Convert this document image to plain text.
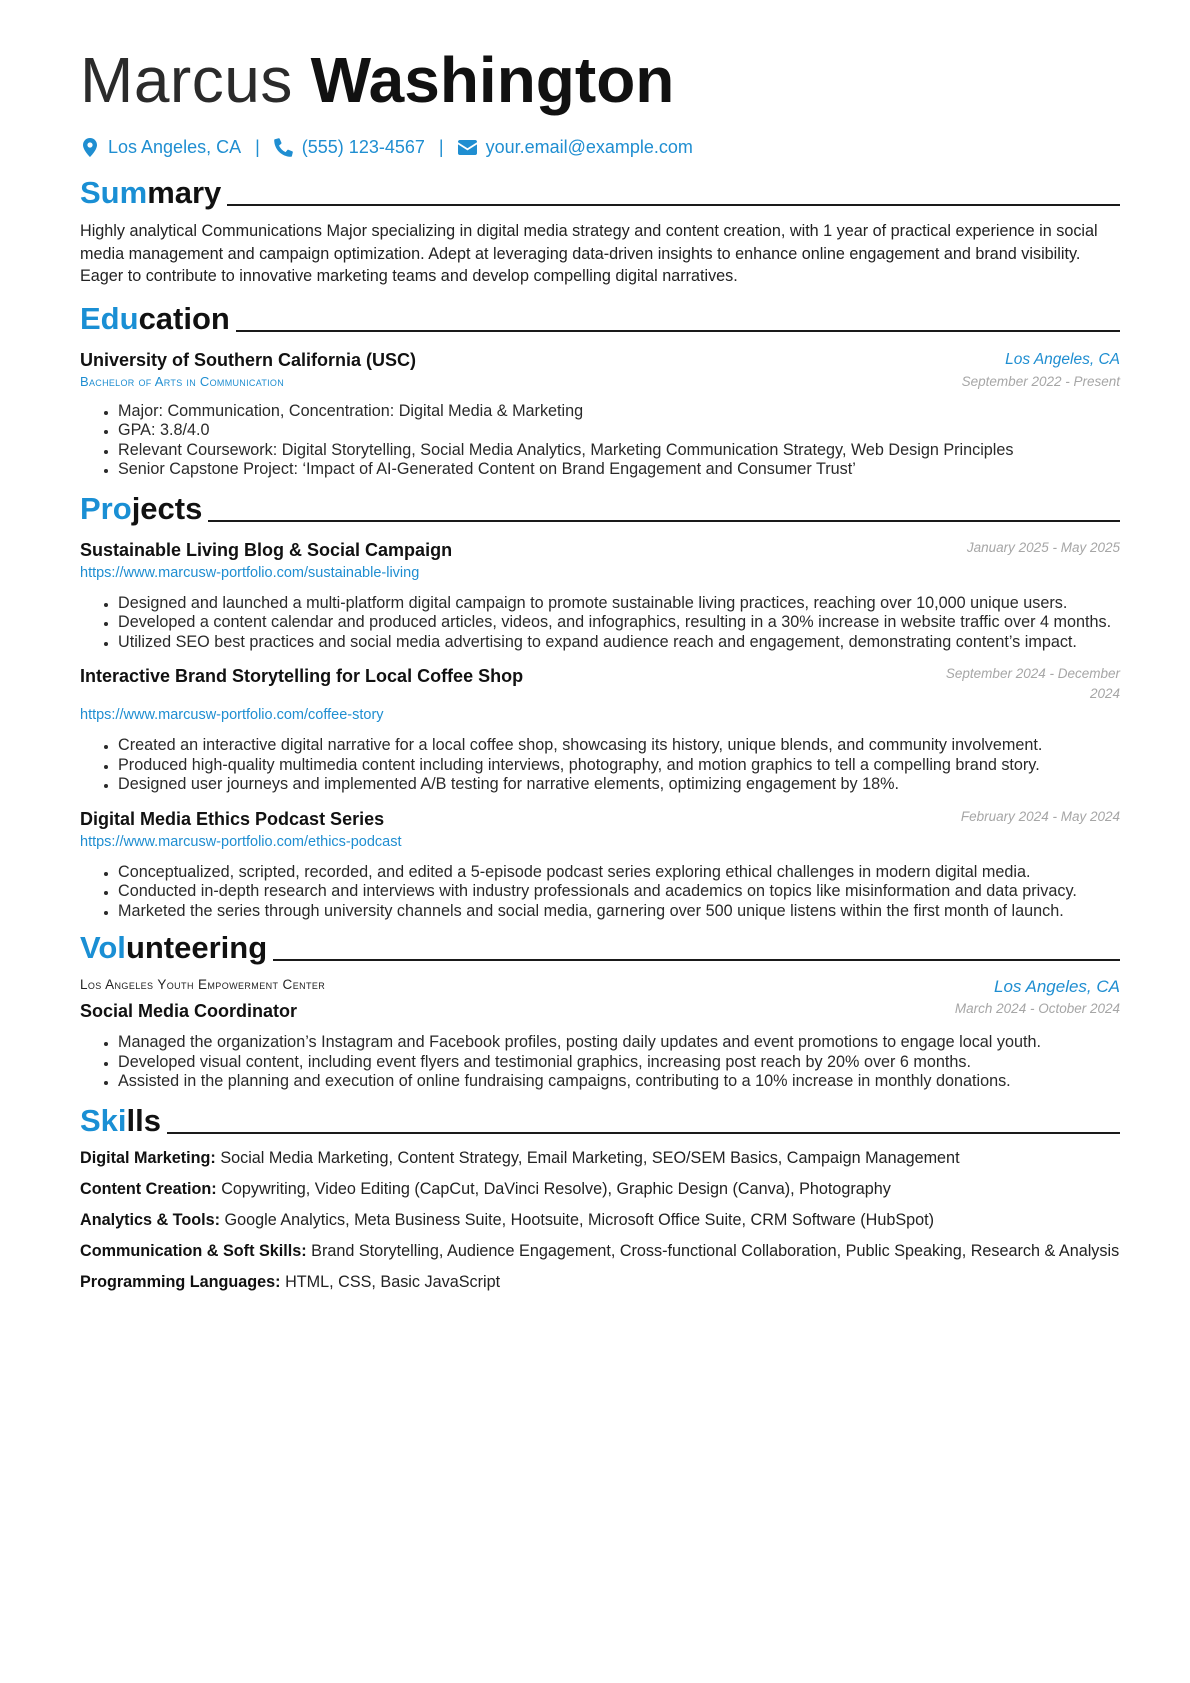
Marcus Washington
Los Angeles, CA | (555) 123-4567 | your.email@example.com
Summary
Highly analytical Communications Major specializing in digital media strategy and content creation, with 1 year of practical experience in social media management and campaign optimization. Adept at leveraging data-driven insights to enhance online engagement and brand visibility. Eager to contribute to innovative marketing teams and develop compelling digital narratives.
Education
University of Southern California (USC)	Los Angeles, CA
Bachelor of Arts in Communication	September 2022 - Present
• Major: Communication, Concentration: Digital Media & Marketing
• GPA: 3.8/4.0
• Relevant Coursework: Digital Storytelling, Social Media Analytics, Marketing Communication Strategy, Web Design Principles
• Senior Capstone Project: ‘Impact of AI-Generated Content on Brand Engagement and Consumer Trust’
Projects
Sustainable Living Blog & Social Campaign	January 2025 - May 2025
https://www.marcusw-portfolio.com/sustainable-living
• Designed and launched a multi-platform digital campaign to promote sustainable living practices, reaching over 10,000 unique users.
• Developed a content calendar and produced articles, videos, and infographics, resulting in a 30% increase in website traffic over 4 months.
• Utilized SEO best practices and social media advertising to expand audience reach and engagement, demonstrating content’s impact.
Interactive Brand Storytelling for Local Coffee Shop	September 2024 - December
2024
https://www.marcusw-portfolio.com/coffee-story
• Created an interactive digital narrative for a local coffee shop, showcasing its history, unique blends, and community involvement.
• Produced high-quality multimedia content including interviews, photography, and motion graphics to tell a compelling brand story.
• Designed user journeys and implemented A/B testing for narrative elements, optimizing engagement by 18%.
Digital Media Ethics Podcast Series	February 2024 - May 2024
https://www.marcusw-portfolio.com/ethics-podcast
• Conceptualized, scripted, recorded, and edited a 5-episode podcast series exploring ethical challenges in modern digital media.
• Conducted in-depth research and interviews with industry professionals and academics on topics like misinformation and data privacy.
• Marketed the series through university channels and social media, garnering over 500 unique listens within the first month of launch.
Volunteering
Los Angeles Youth Empowerment Center	Los Angeles, CA
Social Media Coordinator	March 2024 - October 2024
• Managed the organization’s Instagram and Facebook profiles, posting daily updates and event promotions to engage local youth.
• Developed visual content, including event flyers and testimonial graphics, increasing post reach by 20% over 6 months.
• Assisted in the planning and execution of online fundraising campaigns, contributing to a 10% increase in monthly donations.
Skills
Digital Marketing: Social Media Marketing, Content Strategy, Email Marketing, SEO/SEM Basics, Campaign Management
Content Creation: Copywriting, Video Editing (CapCut, DaVinci Resolve), Graphic Design (Canva), Photography
Analytics & Tools: Google Analytics, Meta Business Suite, Hootsuite, Microsoft Office Suite, CRM Software (HubSpot)
Communication & Soft Skills: Brand Storytelling, Audience Engagement, Cross-functional Collaboration, Public Speaking, Research & Analysis
Programming Languages: HTML, CSS, Basic JavaScript
